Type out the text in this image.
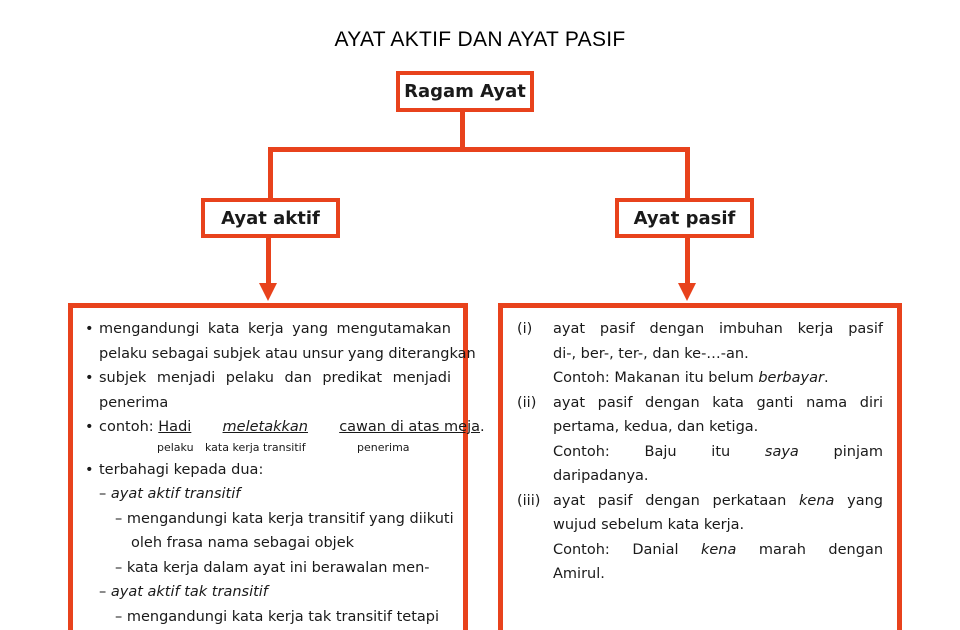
AYAT AKTIF DAN AYAT PASIF
Ragam Ayat
Ayat aktif	Ayat pasif
• mengandungi kata kerja yang mengutamakan
pelaku sebagai subjek atau unsur yang diterangkan
• subjek menjadi pelaku dan predikat menjadi
penerima
• contoh: Hadi meletakkan cawan di atas meja.
pelaku kata kerja transitif	penerima
• terbahagi kepada dua:
– ayat aktif transitif
– mengandungi kata kerja transitif yang diikuti
oleh frasa nama sebagai objek
– kata kerja dalam ayat ini berawalan men-
– ayat aktif tak transitif
– mengandungi kata kerja tak transitif tetapi
(i) ayat pasif dengan imbuhan kerja pasif
di-, ber-, ter-, dan ke-…-an.
Contoh: Makanan itu belum berbayar.
(ii) ayat pasif dengan kata ganti nama diri
pertama, kedua, dan ketiga.
Contoh: Baju itu saya pinjam
daripadanya.
(iii) ayat pasif dengan perkataan kena yang
wujud sebelum kata kerja.
Contoh: Danial kena marah dengan
Amirul.
